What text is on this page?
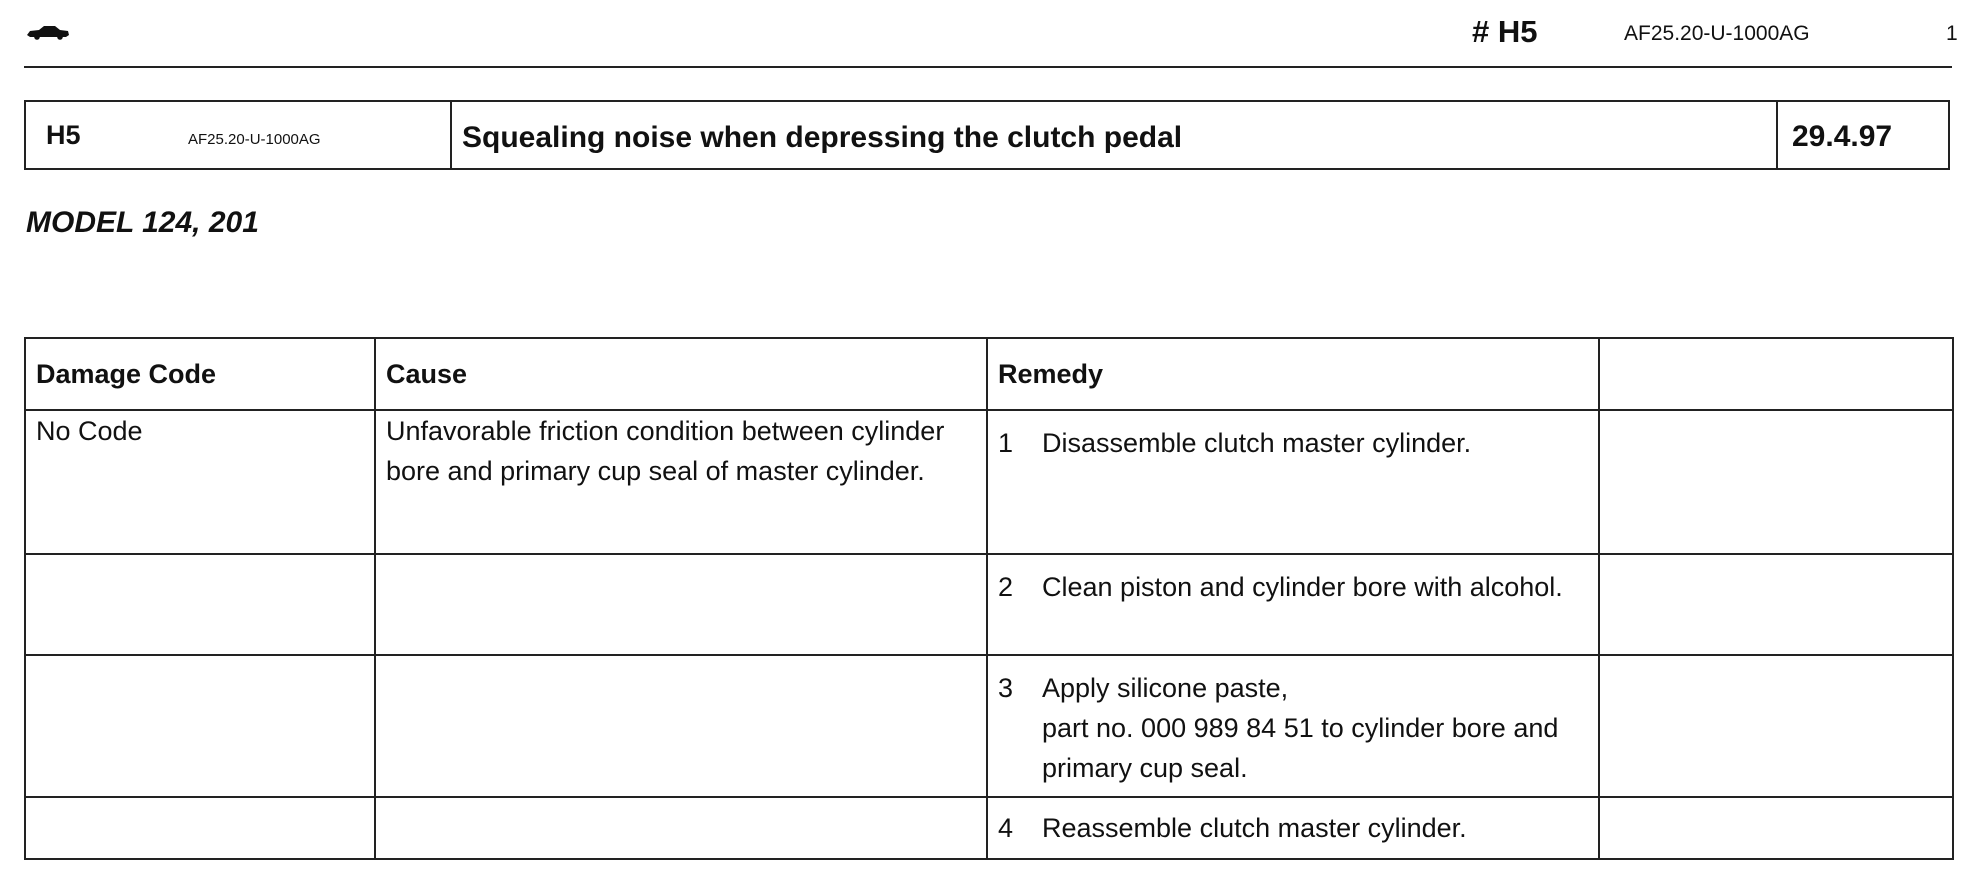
# H5	AF25.20-U-1000AG	1
H5	AF25.20-U-1000AG	Squealing noise when depressing the clutch pedal	29.4.97
MODEL 124, 201
Damage Code	Cause	Remedy	
No Code	Unfavorable friction condition between cylinder bore and primary cup seal of master cylinder.	1 Disassemble clutch master cylinder.	

		2 Clean piston and cylinder bore with alcohol.	

		3 Apply silicone paste,
part no. 000 989 84 51 to cylinder bore and primary cup seal.	

		4 Reassemble clutch master cylinder.	
